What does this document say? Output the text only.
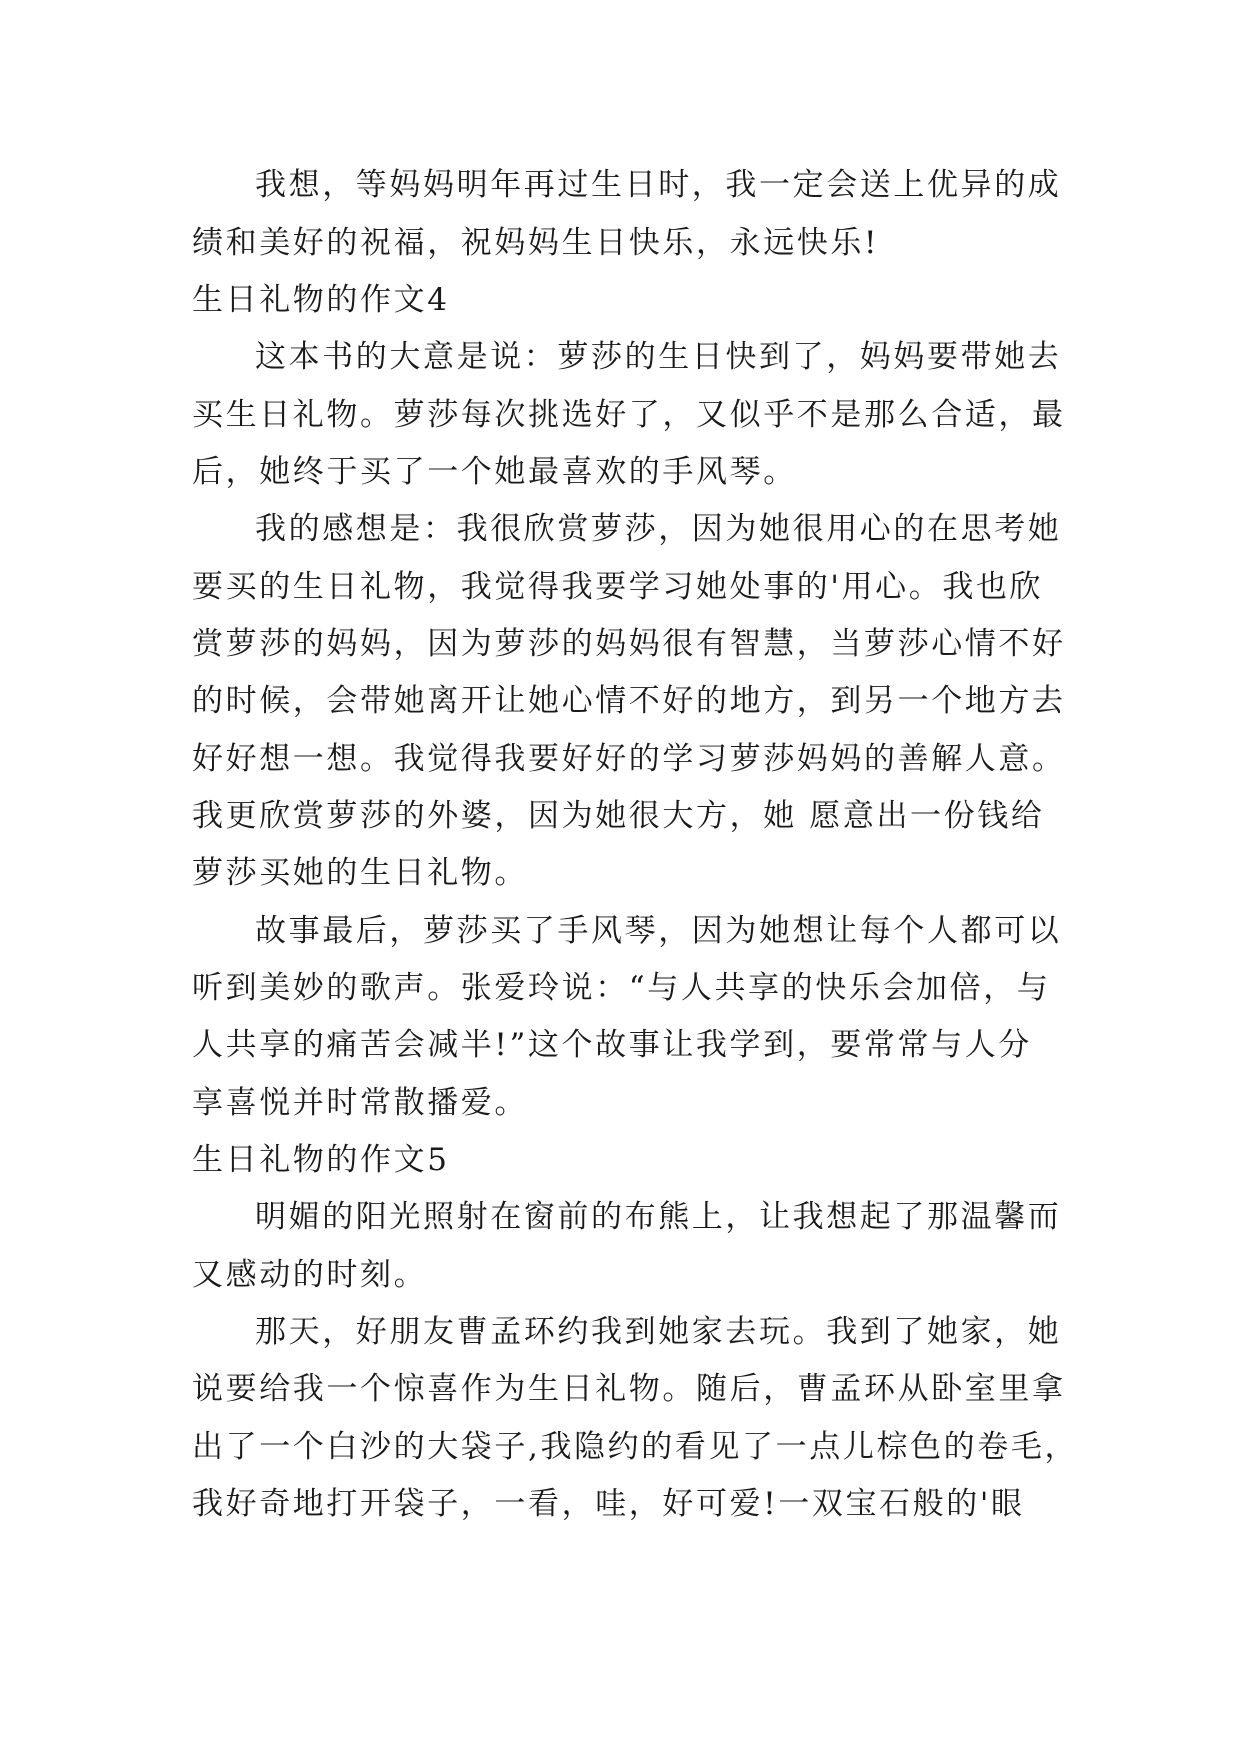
我想，等妈妈明年再过生日时，我一定会送上优异的成
绩和美好的祝福，祝妈妈生日快乐，永远快乐!
生日礼物的作文4
这本书的大意是说：萝莎的生日快到了，妈妈要带她去
买生日礼物。萝莎每次挑选好了，又似乎不是那么合适，最
后，她终于买了一个她最喜欢的手风琴。
我的感想是：我很欣赏萝莎，因为她很用心的在思考她
要买的生日礼物，我觉得我要学习她处事的'用心。我也欣
赏萝莎的妈妈，因为萝莎的妈妈很有智慧，当萝莎心情不好
的时候，会带她离开让她心情不好的地方，到另一个地方去
好好想一想。我觉得我要好好的学习萝莎妈妈的善解人意。
我更欣赏萝莎的外婆，因为她很大方，她 愿意出一份钱给
萝莎买她的生日礼物。
故事最后，萝莎买了手风琴，因为她想让每个人都可以
听到美妙的歌声。张爱玲说：“与人共享的快乐会加倍，与
人共享的痛苦会减半!”这个故事让我学到，要常常与人分
享喜悦并时常散播爱。
生日礼物的作文5
明媚的阳光照射在窗前的布熊上，让我想起了那温馨而
又感动的时刻。
那天，好朋友曹孟环约我到她家去玩。我到了她家，她
说要给我一个惊喜作为生日礼物。随后，曹孟环从卧室里拿
出了一个白沙的大袋子,我隐约的看见了一点儿棕色的卷毛，
我好奇地打开袋子，一看，哇，好可爱!一双宝石般的'眼
